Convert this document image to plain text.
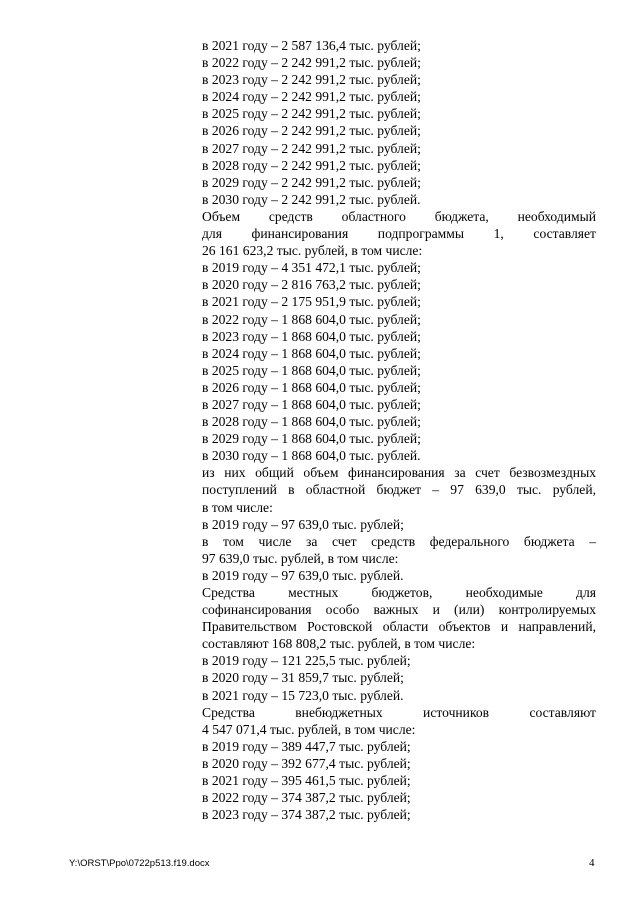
в 2021 году – 2 587 136,4 тыс. рублей;
в 2022 году – 2 242 991,2 тыс. рублей;
в 2023 году – 2 242 991,2 тыс. рублей;
в 2024 году – 2 242 991,2 тыс. рублей;
в 2025 году – 2 242 991,2 тыс. рублей;
в 2026 году – 2 242 991,2 тыс. рублей;
в 2027 году – 2 242 991,2 тыс. рублей;
в 2028 году – 2 242 991,2 тыс. рублей;
в 2029 году – 2 242 991,2 тыс. рублей;
в 2030 году – 2 242 991,2 тыс. рублей.
Объем средств областного бюджета, необходимый
для финансирования подпрограммы 1, составляет
26 161 623,2 тыс. рублей, в том числе:
в 2019 году – 4 351 472,1 тыс. рублей;
в 2020 году – 2 816 763,2 тыс. рублей;
в 2021 году – 2 175 951,9 тыс. рублей;
в 2022 году – 1 868 604,0 тыс. рублей;
в 2023 году – 1 868 604,0 тыс. рублей;
в 2024 году – 1 868 604,0 тыс. рублей;
в 2025 году – 1 868 604,0 тыс. рублей;
в 2026 году – 1 868 604,0 тыс. рублей;
в 2027 году – 1 868 604,0 тыс. рублей;
в 2028 году – 1 868 604,0 тыс. рублей;
в 2029 году – 1 868 604,0 тыс. рублей;
в 2030 году – 1 868 604,0 тыс. рублей.
из них общий объем финансирования за счет безвозмездных
поступлений в областной бюджет – 97 639,0 тыс. рублей,
в том числе:
в 2019 году – 97 639,0 тыс. рублей;
в том числе за счет средств федерального бюджета –
97 639,0 тыс. рублей, в том числе:
в 2019 году – 97 639,0 тыс. рублей.
Средства местных бюджетов, необходимые для
софинансирования особо важных и (или) контролируемых
Правительством Ростовской области объектов и направлений,
составляют 168 808,2 тыс. рублей, в том числе:
в 2019 году – 121 225,5 тыс. рублей;
в 2020 году – 31 859,7 тыс. рублей;
в 2021 году – 15 723,0 тыс. рублей.
Средства внебюджетных источников составляют
4 547 071,4 тыс. рублей, в том числе:
в 2019 году – 389 447,7 тыс. рублей;
в 2020 году – 392 677,4 тыс. рублей;
в 2021 году – 395 461,5 тыс. рублей;
в 2022 году – 374 387,2 тыс. рублей;
в 2023 году – 374 387,2 тыс. рублей;
Y:\ORST\Ppo\0722p513.f19.docx	4
